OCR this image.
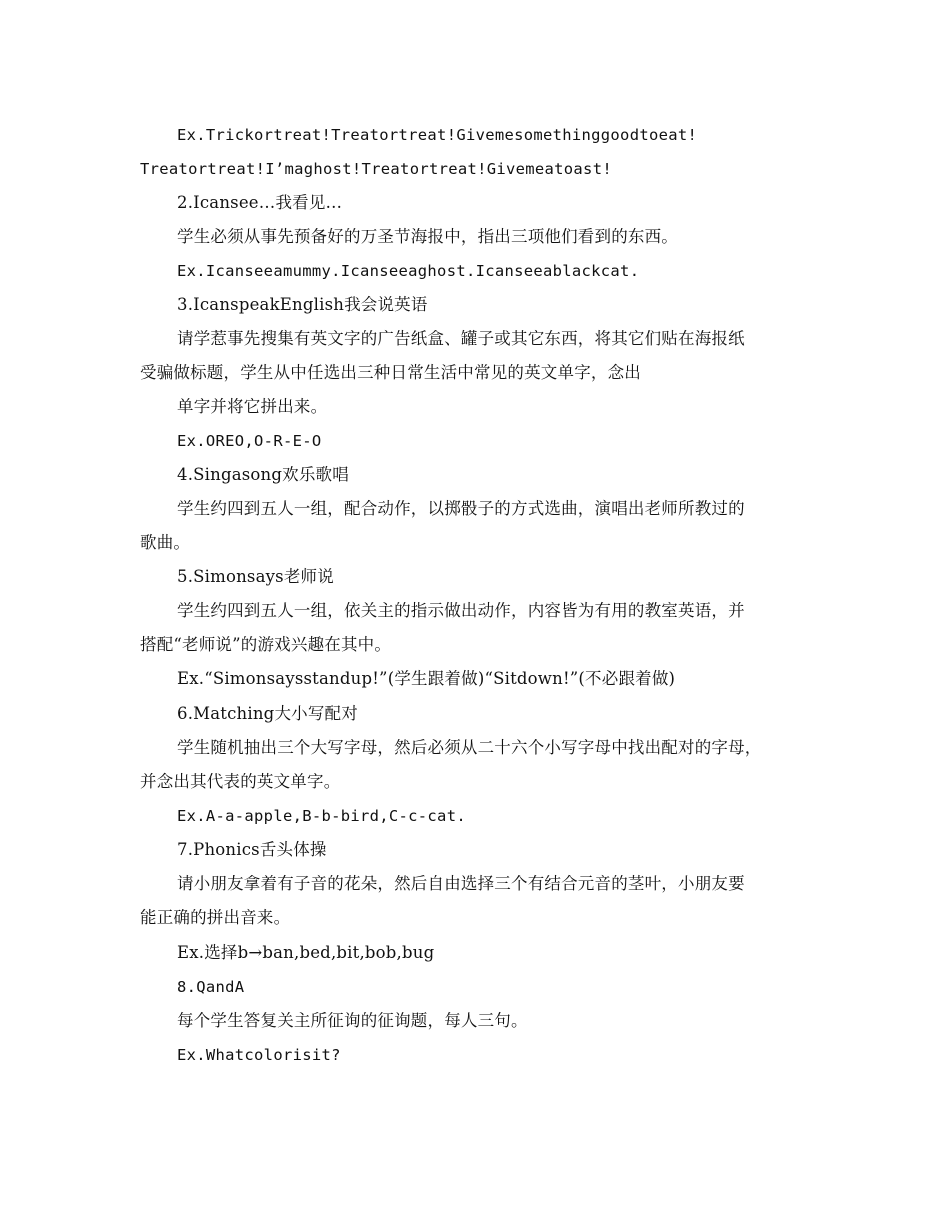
Ex.Trickortreat!Treatortreat!Givemesomethinggoodtoeat!
Treatortreat!I’maghost!Treatortreat!Givemeatoast!
2.Icansee…我看见…
学生必须从事先预备好的万圣节海报中，指出三项他们看到的东西。
Ex.Icanseeamummy.Icanseeaghost.Icanseeablackcat.
3.IcanspeakEnglish我会说英语
请学惹事先搜集有英文字的广告纸盒、罐子或其它东西，将其它们贴在海报纸
受骗做标题，学生从中任选出三种日常生活中常见的英文单字，念出
单字并将它拼出来。
Ex.OREO,O-R-E-O
4.Singasong欢乐歌唱
学生约四到五人一组，配合动作，以掷骰子的方式选曲，演唱出老师所教过的
歌曲。
5.Simonsays老师说
学生约四到五人一组，依关主的指示做出动作，内容皆为有用的教室英语，并
搭配“老师说”的游戏兴趣在其中。
Ex.“Simonsaysstandup!”(学生跟着做)“Sitdown!”(不必跟着做)
6.Matching大小写配对
学生随机抽出三个大写字母，然后必须从二十六个小写字母中找出配对的字母，
并念出其代表的英文单字。
Ex.A-a-apple,B-b-bird,C-c-cat.
7.Phonics舌头体操
请小朋友拿着有子音的花朵，然后自由选择三个有结合元音的茎叶，小朋友要
能正确的拼出音来。
Ex.选择b→ban,bed,bit,bob,bug
8.QandA
每个学生答复关主所征询的征询题，每人三句。
Ex.Whatcolorisit?
